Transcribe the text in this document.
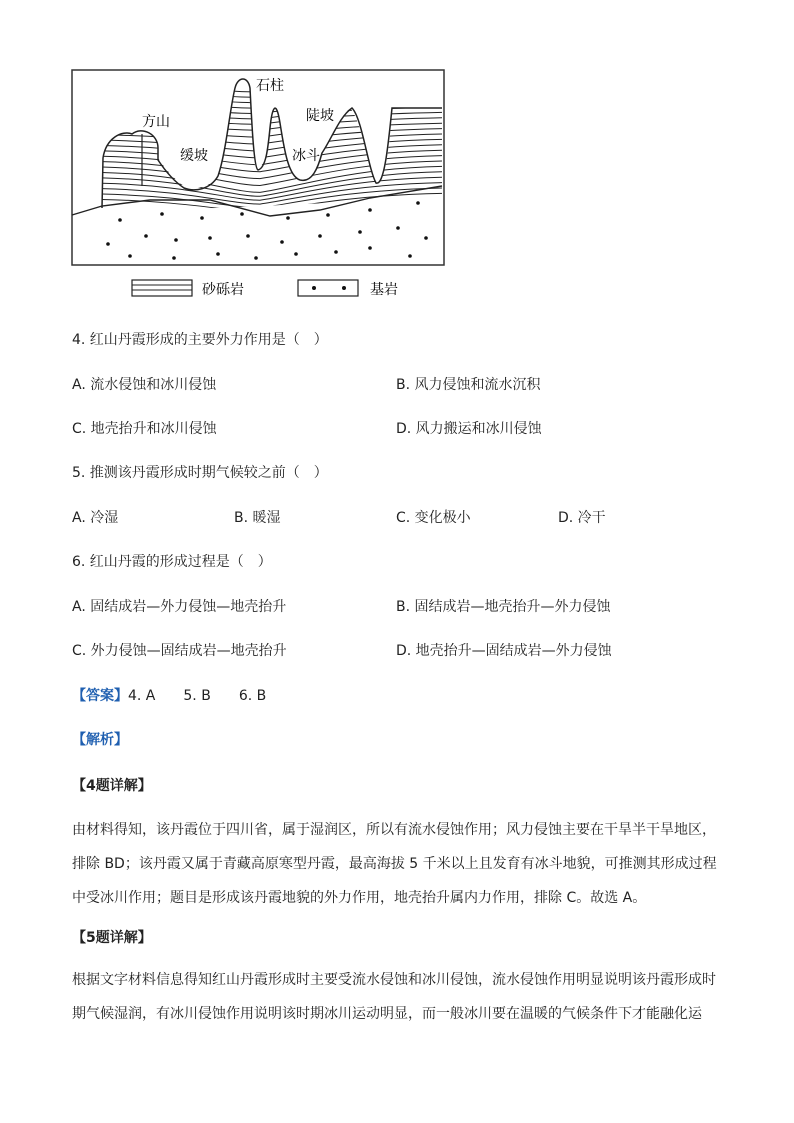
方山
石柱
陡坡
缓坡	冰斗
砂砾岩	基岩
4. 红山丹霞形成的主要外力作用是（　）
A. 流水侵蚀和冰川侵蚀	B. 风力侵蚀和流水沉积
C. 地壳抬升和冰川侵蚀	D. 风力搬运和冰川侵蚀
5. 推测该丹霞形成时期气候较之前（　）
A. 冷湿	B. 暖湿	C. 变化极小	D. 冷干
6. 红山丹霞的形成过程是（　）
A. 固结成岩—外力侵蚀—地壳抬升	B. 固结成岩—地壳抬升—外力侵蚀
C. 外力侵蚀—固结成岩—地壳抬升	D. 地壳抬升—固结成岩—外力侵蚀
【答案】4. A 5. B 6. B
【解析】
【4题详解】
由材料得知，该丹霞位于四川省，属于湿润区，所以有流水侵蚀作用；风力侵蚀主要在干旱半干旱地区，
排除 BD；该丹霞又属于青藏高原寒型丹霞，最高海拔 5 千米以上且发育有冰斗地貌，可推测其形成过程
中受冰川作用；题目是形成该丹霞地貌的外力作用，地壳抬升属内力作用，排除 C。故选 A。
【5题详解】
根据文字材料信息得知红山丹霞形成时主要受流水侵蚀和冰川侵蚀，流水侵蚀作用明显说明该丹霞形成时
期气候湿润，有冰川侵蚀作用说明该时期冰川运动明显，而一般冰川要在温暖的气候条件下才能融化运
